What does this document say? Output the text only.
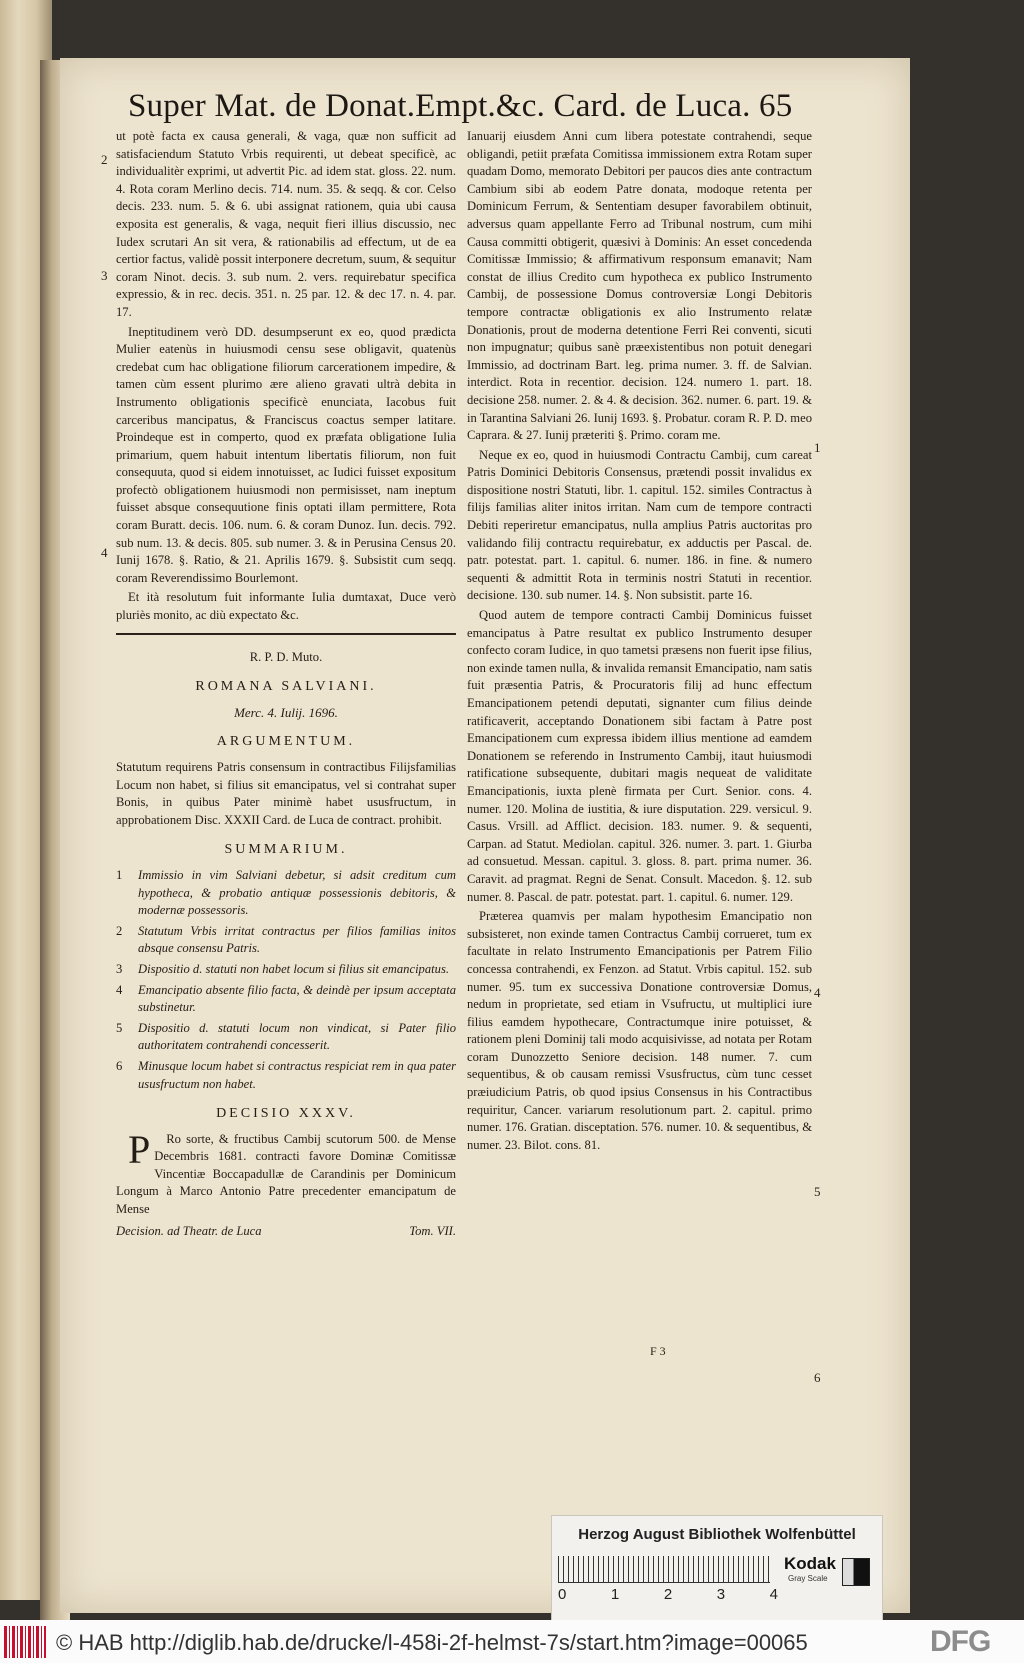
Super Mat. de Donat.Empt.&c. Card. de Luca. 65

ut potè facta ex causa generali, & vaga, quæ non sufficit ad satisfaciendum Statuto Vrbis requirenti, ut debeat specificè, ac individualitèr exprimi, ut advertit Pic. ad idem stat. gloss. 22. num. 4. Rota coram Merlino decis. 714. num. 35. & seqq. & cor. Celso decis. 233. num. 5. & 6. ubi assignat rationem, quia ubi causa exposita est generalis, & vaga, nequit fieri illius discussio, nec Iudex scrutari An sit vera, & rationabilis ad effectum, ut de ea certior factus, validè possit interponere decretum, suum, & sequitur coram Ninot. decis. 3. sub num. 2. vers. requirebatur specifica expressio, & in rec. decis. 351. n. 25 par. 12. & dec 17. n. 4. par. 17.

Ineptitudinem verò DD. desumpserunt ex eo, quod prædicta Mulier eatenùs in huiusmodi censu sese obligavit, quatenùs credebat cum hac obligatione filiorum carcerationem impedire, & tamen cùm essent plurimo ære alieno gravati ultrà debita in Instrumento obligationis specificè enunciata, Iacobus fuit carceribus mancipatus, & Franciscus coactus semper latitare. Proindeque est in comperto, quod ex præfata obligatione Iulia primarium, quem habuit intentum libertatis filiorum, non fuit consequuta, quod si eidem innotuisset, ac Iudici fuisset expositum profectò obligationem huiusmodi non permisisset, nam ineptum fuisset absque consequutione finis optati illam permittere, Rota coram Buratt. decis. 106. num. 6. & coram Dunoz. Iun. decis. 792. sub num. 13. & decis. 805. sub numer. 3. & in Perusina Census 20. Iunij 1678. §. Ratio, & 21. Aprilis 1679. §. Subsistit cum seqq. coram Reverendissimo Bourlemont.

Et ità resolutum fuit informante Iulia dumtaxat, Duce verò pluriès monito, ac diù expectato &c.

R. P. D. Muto.
ROMANA SALVIANI.
Merc. 4. Iulij. 1696.
ARGUMENTUM.

Statutum requirens Patris consensum in contractibus Filijsfamilias Locum non habet, si filius sit emancipatus, vel si contrahat super Bonis, in quibus Pater minimè habet ususfructum, in approbationem Disc. XXXII Card. de Luca de contract. prohibit.

SUMMARIUM.
1	Immissio in vim Salviani debetur, si adsit creditum cum hypotheca, & probatio antiquæ possessionis debitoris, & modernæ possessoris.
2	Statutum Vrbis irritat contractus per filios familias initos absque consensu Patris.
3	Dispositio d. statuti non habet locum si filius sit emancipatus.
4	Emancipatio absente filio facta, & deindè per ipsum acceptata substinetur.
5	Dispositio d. statuti locum non vindicat, si Pater filio authoritatem contrahendi concesserit.
6	Minusque locum habet si contractus respiciat rem in qua pater ususfructum non habet.
DECISIO XXXV.

P Ro sorte, & fructibus Cambij scutorum 500. de Mense Decembris 1681. contracti favore Dominæ Comitissæ Vincentiæ Boccapadullæ de Carandinis per Dominicum Longum à Marco Antonio Patre precedenter emancipatum de Mense

Decision. ad Theatr. de Luca	Tom. VII.

Ianuarij eiusdem Anni cum libera potestate contrahendi, seque obligandi, petiit præfata Comitissa immissionem extra Rotam super quadam Domo, memorato Debitori per paucos dies ante contractum Cambium sibi ab eodem Patre donata, modoque retenta per Dominicum Ferrum, & Sententiam desuper favorabilem obtinuit, adversus quam appellante Ferro ad Tribunal nostrum, cum mihi Causa committi obtigerit, quæsivi à Dominis: An esset concedenda Comitissæ Immissio; & affirmativum responsum emanavit; Nam constat de illius Credito cum hypotheca ex publico Instrumento Cambij, de possessione Domus controversiæ Longi Debitoris tempore contractæ obligationis ex alio Instrumento relatæ Donationis, prout de moderna detentione Ferri Rei conventi, sicuti non impugnatur; quibus sanè præexistentibus non potuit denegari Immissio, ad doctrinam Bart. leg. prima numer. 3. ff. de Salvian. interdict. Rota in recentior. decision. 124. numero 1. part. 18. decisione 258. numer. 2. & 4. & decision. 362. numer. 6. part. 19. & in Tarantina Salviani 26. Iunij 1693. §. Probatur. coram R. P. D. meo Caprara. & 27. Iunij præteriti §. Primo. coram me.

Neque ex eo, quod in huiusmodi Contractu Cambij, cum careat Patris Dominici Debitoris Consensus, prætendi possit invalidus ex dispositione nostri Statuti, libr. 1. capitul. 152. similes Contractus à filijs familias aliter initos irritan. Nam cum de tempore contracti Debiti reperiretur emancipatus, nulla amplius Patris auctoritas pro validando filij contractu requirebatur, ex adductis per Pascal. de. patr. potestat. part. 1. capitul. 6. numer. 186. in fine. & numero sequenti & admittit Rota in terminis nostri Statuti in recentior. decisione. 130. sub numer. 14. §. Non subsistit. parte 16.

Quod autem de tempore contracti Cambij Dominicus fuisset emancipatus à Patre resultat ex publico Instrumento desuper confecto coram Iudice, in quo tametsi præsens non fuerit ipse filius, non exinde tamen nulla, & invalida remansit Emancipatio, nam satis fuit præsentia Patris, & Procuratoris filij ad hunc effectum Emancipationem petendi deputati, signanter cum filius deinde ratificaverit, acceptando Donationem sibi factam à Patre post Emancipationem cum expressa ibidem illius mentione ad eamdem Donationem se referendo in Instrumento Cambij, itaut huiusmodi ratificatione subsequente, dubitari magis nequeat de validitate Emancipationis, iuxta plenè firmata per Curt. Senior. cons. 4. numer. 120. Molina de iustitia, & iure disputation. 229. versicul. 9. Casus. Vrsill. ad Afflict. decision. 183. numer. 9. & sequenti, Carpan. ad Statut. Mediolan. capitul. 326. numer. 3. part. 1. Giurba ad consuetud. Messan. capitul. 3. gloss. 8. part. prima numer. 36. Caravit. ad pragmat. Regni de Senat. Consult. Macedon. §. 12. sub numer. 8. Pascal. de patr. potestat. part. 1. capitul. 6. numer. 129.

Præterea quamvis per malam hypothesim Emancipatio non subsisteret, non exinde tamen Contractus Cambij corrueret, tum ex facultate in relato Instrumento Emancipationis per Patrem Filio concessa contrahendi, ex Fenzon. ad Statut. Vrbis capitul. 152. sub numer. 95. tum ex successiva Donatione controversiæ Domus, nedum in proprietate, sed etiam in Vsufructu, ut multiplici iure filius eamdem hypothecare, Contractumque inire potuisset, & rationem pleni Dominij tali modo acquisivisse, ad notata per Rotam coram Dunozzetto Seniore decision. 148 numer. 7. cum sequentibus, & ob causam remissi Vsusfructus, cùm tunc cesset præiudicium Patris, ob quod ipsius Consensus in his Contractibus requiritur, Cancer. variarum resolutionum part. 2. capitul. primo numer. 176. Gratian. disceptation. 576. numer. 10. & sequentibus, & numer. 23. Bilot. cons. 81.

2
3
4
1
4
5
6
F 3
Herzog August Bibliothek Wolfenbüttel
0	1	2	3	4
Kodak
Gray Scale
© HAB http://diglib.hab.de/drucke/l-458i-2f-helmst-7s/start.htm?image=00065	DFG
